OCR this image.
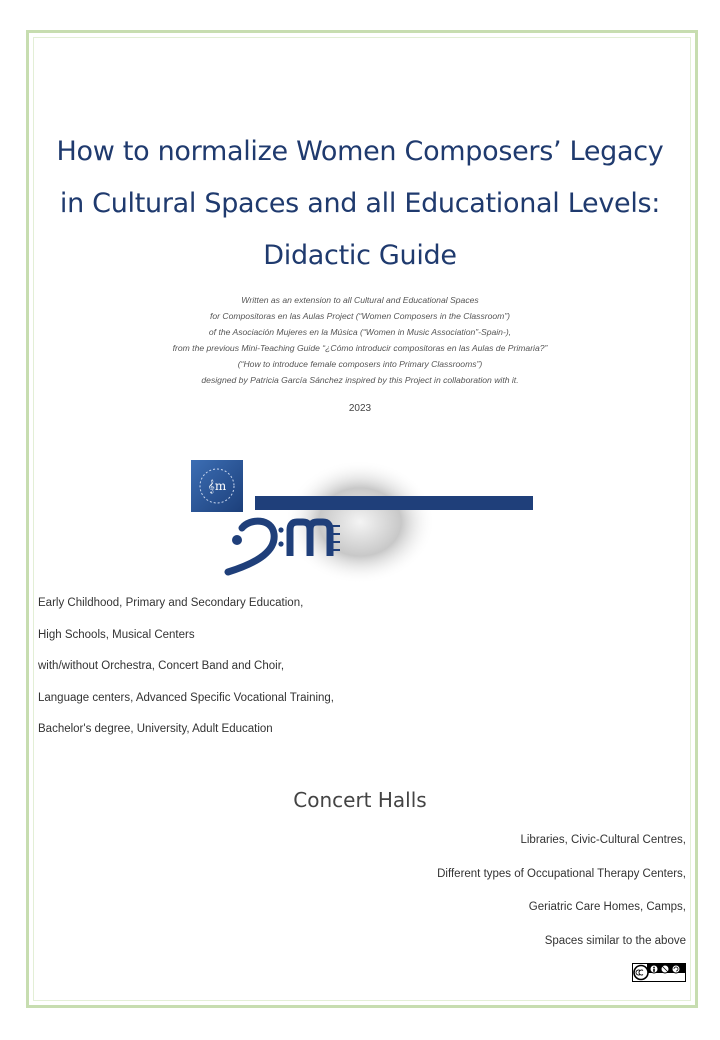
How to normalize Women Composers’ Legacy
in Cultural Spaces and all Educational Levels:
Didactic Guide
Written as an extension to all Cultural and Educational Spaces
for Compositoras en las Aulas Project (“Women Composers in the Classroom”)
of the Asociación Mujeres en la Música (“Women in Music Association”-Spain-),
from the previous Mini-Teaching Guide “¿Cómo introducir compositoras en las Aulas de Primaria?”
(“How to introduce female composers into Primary Classrooms”)
designed by Patricia García Sánchez inspired by this Project in collaboration with it.
2023
𝄞m
Early Childhood, Primary and Secondary Education,
High Schools, Musical Centers
with/without Orchestra, Concert Band and Choir,
Language centers, Advanced Specific Vocational Training,
Bachelor's degree, University, Adult Education
Concert Halls
Libraries, Civic-Cultural Centres,
Different types of Occupational Therapy Centers,
Geriatric Care Homes, Camps,
Spaces similar to the above
